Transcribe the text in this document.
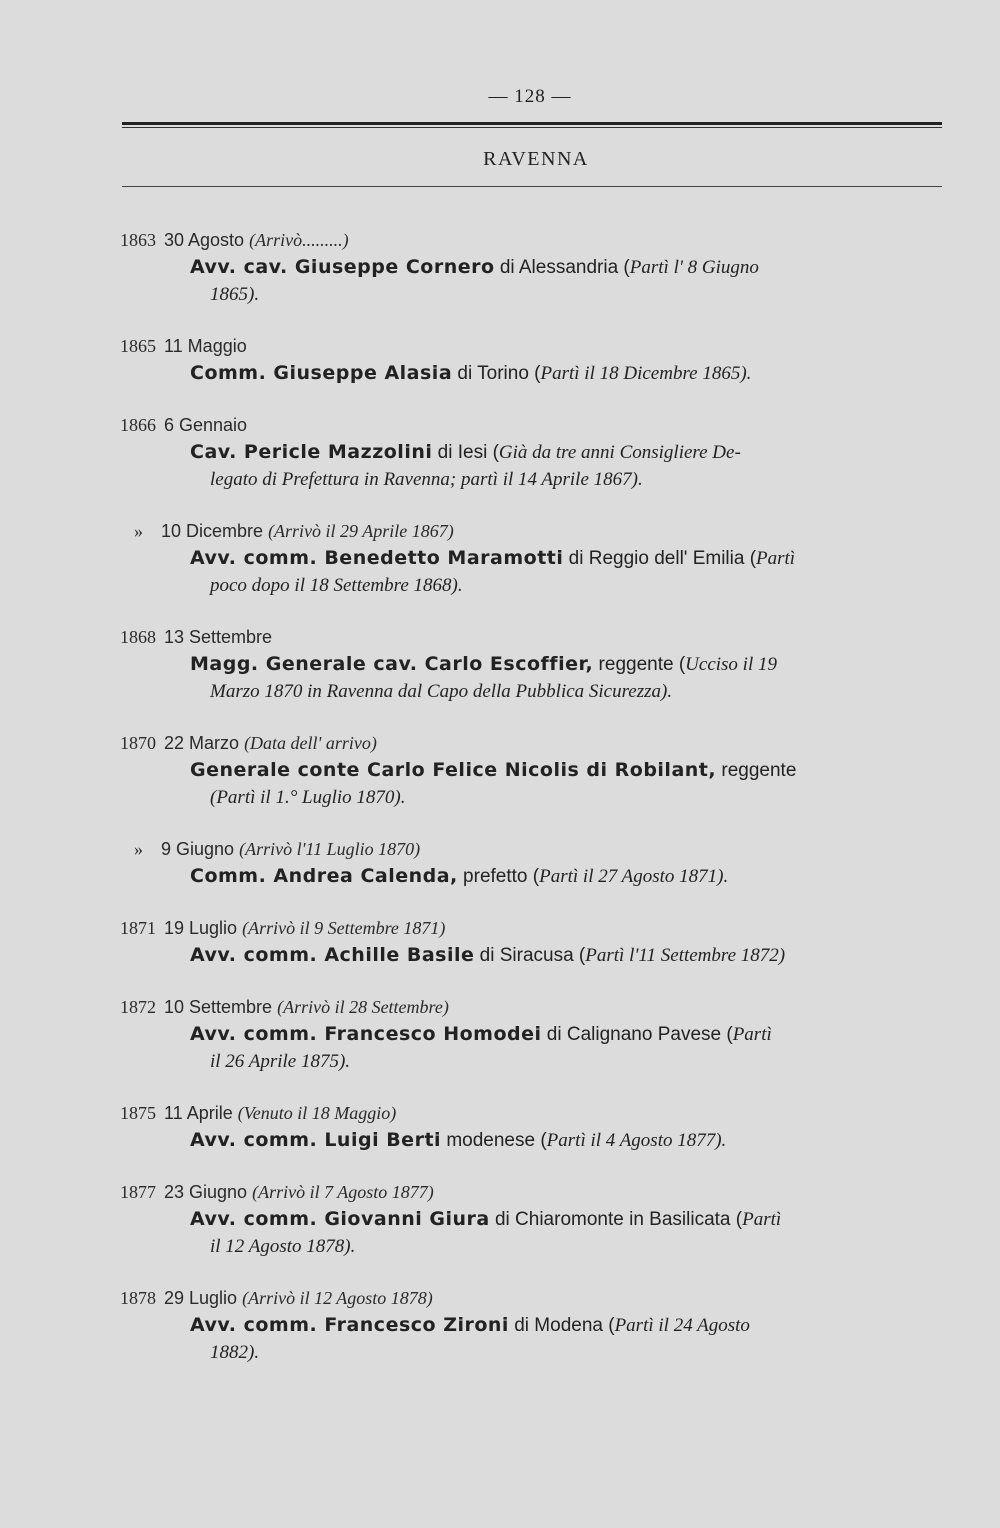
— 128 —
RAVENNA
1863 30 Agosto (Arrivò.........)
Avv. cav. Giuseppe Cornero di Alessandria (Partì l' 8 Giugno
1865).
1865 11 Maggio
Comm. Giuseppe Alasia di Torino (Partì il 18 Dicembre 1865).
1866 6 Gennaio
Cav. Pericle Mazzolini di Iesi (Già da tre anni Consigliere De-
legato di Prefettura in Ravenna; partì il 14 Aprile 1867).
» 10 Dicembre (Arrivò il 29 Aprile 1867)
Avv. comm. Benedetto Maramotti di Reggio dell' Emilia (Partì
poco dopo il 18 Settembre 1868).
1868 13 Settembre
Magg. Generale cav. Carlo Escoffier, reggente (Ucciso il 19
Marzo 1870 in Ravenna dal Capo della Pubblica Sicurezza).
1870 22 Marzo (Data dell' arrivo)
Generale conte Carlo Felice Nicolis di Robilant, reggente
(Partì il 1.° Luglio 1870).
» 9 Giugno (Arrivò l'11 Luglio 1870)
Comm. Andrea Calenda, prefetto (Partì il 27 Agosto 1871).
1871 19 Luglio (Arrivò il 9 Settembre 1871)
Avv. comm. Achille Basile di Siracusa (Partì l'11 Settembre 1872)
1872 10 Settembre (Arrivò il 28 Settembre)
Avv. comm. Francesco Homodei di Calignano Pavese (Partì
il 26 Aprile 1875).
1875 11 Aprile (Venuto il 18 Maggio)
Avv. comm. Luigi Berti modenese (Partì il 4 Agosto 1877).
1877 23 Giugno (Arrivò il 7 Agosto 1877)
Avv. comm. Giovanni Giura di Chiaromonte in Basilicata (Partì
il 12 Agosto 1878).
1878 29 Luglio (Arrivò il 12 Agosto 1878)
Avv. comm. Francesco Zironi di Modena (Partì il 24 Agosto
1882).
